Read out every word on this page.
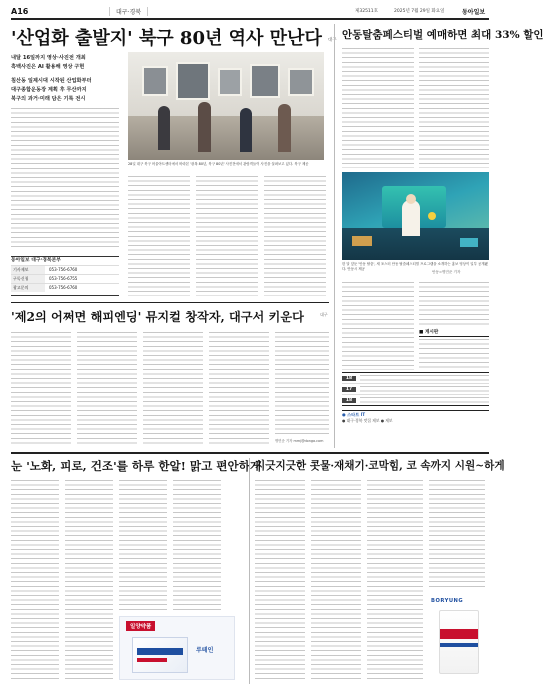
A16	대구·경북	제32511호	2025년 7월 29일 화요일	동아일보
'산업화 출발지' 북구 80년 역사 만난다 대구
내달 16일까지 영상·사진전 개최
흑백사진은 AI 활용해 영상 구현
침산동 일제시대 시작된 산업화부터
대구종합운동장 계획 후 무산까지
북구의 과거·미래 담은 기록 전시
동아일보 대구·경북본부
기사제보	053-756-6760
구독신청	053-756-6755
광고문의	053-756-6760
28일 대구 북구 어울아트센터에서 바라본 '광복 80년, 북구 80년' 사진전에서 관람객들이 사진을 살펴보고 있다. 북구 제공
안동탈춤페스티벌 예매하면 최대 33% 할인
한 달 앞둔 '안동 탈춤', 새 포스터 안동 탈춤페스티벌 프로그램을 소개하는 홍보 영상이 일부 공개됐다. 안동시 제공
안동=명민준 기자
■ 게시판
18
17
18
● 스타트 IT
● 대구·경북 맛집 제보 ● 제보
'제2의 어쩌면 해피엔딩' 뮤지컬 창작자, 대구서 키운다	대구
명민준 기자 mmj@donga.com
눈 '노화, 피로, 건조'를 하루 한알! 맑고 편안하게
일양약품
루테인
지긋지긋한 콧물·재채기·코막힘, 코 속까지 시원~하게
BORYUNG
